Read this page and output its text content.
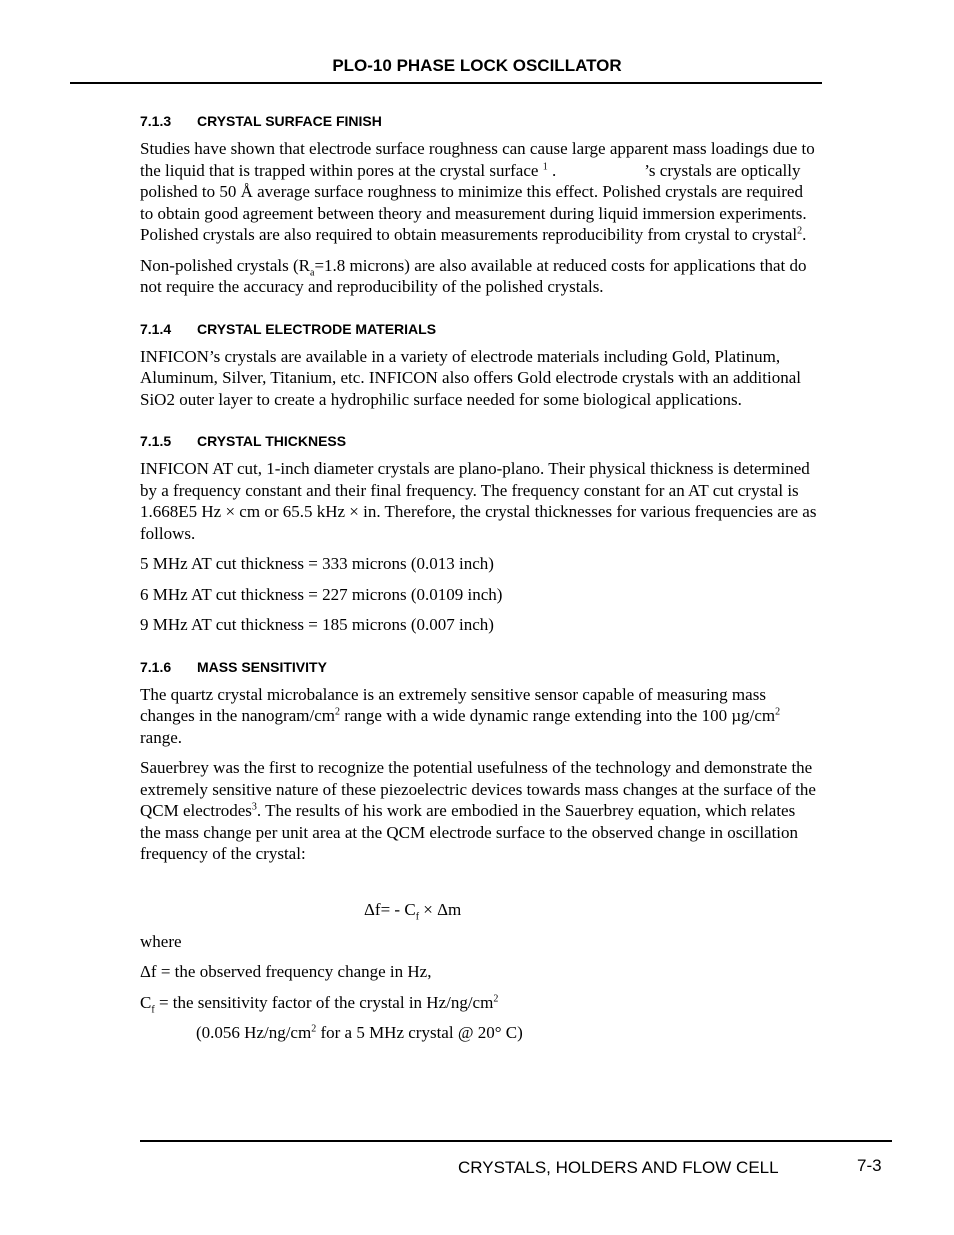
PLO-10 PHASE LOCK OSCILLATOR
7.1.3 CRYSTAL SURFACE FINISH

Studies have shown that electrode surface roughness can cause large apparent mass loadings due to the liquid that is trapped within pores at the crystal surface $^1$ .	’s crystals are optically polished to 50 Å average surface roughness to minimize this effect. Polished crystals are required to obtain good agreement between theory and measurement during liquid immersion experiments. Polished crystals are also required to obtain measurements reproducibility from crystal to crystal$^2$.

Non-polished crystals ($R_a=1.8$ microns) are also available at reduced costs for applications that do not require the accuracy and reproducibility of the polished crystals.

7.1.4 CRYSTAL ELECTRODE MATERIALS

INFICON’s crystals are available in a variety of electrode materials including Gold, Platinum, Aluminum, Silver, Titanium, etc. INFICON also offers Gold electrode crystals with an additional SiO2 outer layer to create a hydrophilic surface needed for some biological applications.

7.1.5 CRYSTAL THICKNESS

INFICON AT cut, 1-inch diameter crystals are plano-plano. Their physical thickness is determined by a frequency constant and their final frequency. The frequency constant for an AT cut crystal is 1.668E5 Hz × cm or 65.5 kHz × in. Therefore, the crystal thicknesses for various frequencies are as follows.

5 MHz AT cut thickness = 333 microns (0.013 inch)

6 MHz AT cut thickness = 227 microns (0.0109 inch)

9 MHz AT cut thickness = 185 microns (0.007 inch)

7.1.6 MASS SENSITIVITY

The quartz crystal microbalance is an extremely sensitive sensor capable of measuring mass changes in the nanogram/$cm^2$ range with a wide dynamic range extending into the 100 $\mu g/cm^2$ range.

Sauerbrey was the first to recognize the potential usefulness of the technology and demonstrate the extremely sensitive nature of these piezoelectric devices towards mass changes at the surface of the QCM electrodes$^3$. The results of his work are embodied in the Sauerbrey equation, which relates the mass change per unit area at the QCM electrode surface to the observed change in oscillation frequency of the crystal:

$\Delta f= - C_f \times \Delta m$

where

Δf = the observed frequency change in Hz,

$C_f$ = the sensitivity factor of the crystal in $Hz/ng/cm^2$

(0.056 $Hz/ng/cm^2$ for a 5 MHz crystal @ 20° C)

CRYSTALS, HOLDERS AND FLOW CELL	7-3
